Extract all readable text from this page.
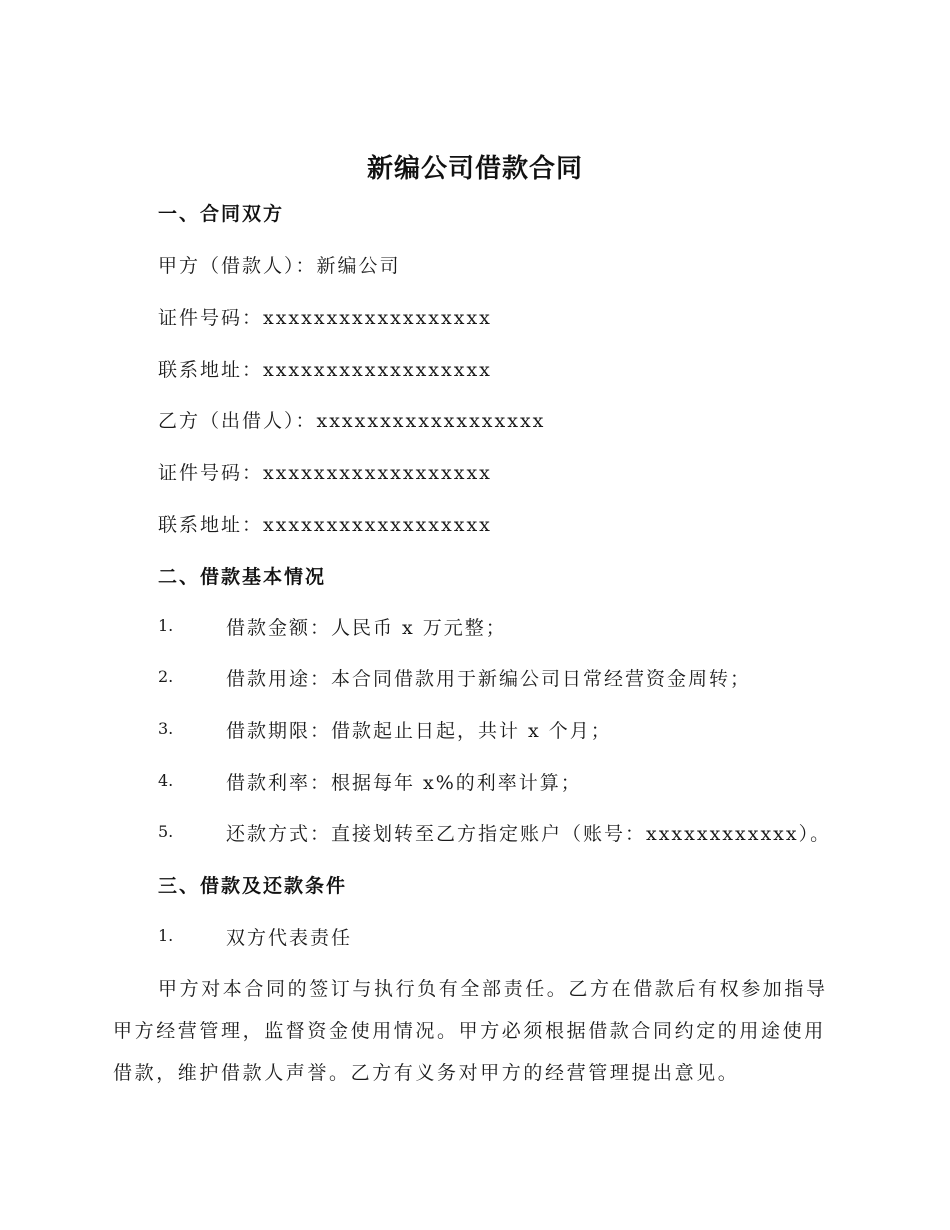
新编公司借款合同
一、合同双方
甲方（借款人）：新编公司
证件号码：xxxxxxxxxxxxxxxxxx
联系地址：xxxxxxxxxxxxxxxxxx
乙方（出借人）：xxxxxxxxxxxxxxxxxx
证件号码：xxxxxxxxxxxxxxxxxx
联系地址：xxxxxxxxxxxxxxxxxx
二、借款基本情况
1.	借款金额：人民币 x 万元整；
2.	借款用途：本合同借款用于新编公司日常经营资金周转；
3.	借款期限：借款起止日起，共计 x 个月；
4.	借款利率：根据每年 x%的利率计算；
5.	还款方式：直接划转至乙方指定账户（账号：xxxxxxxxxxxx）。
三、借款及还款条件
1.	双方代表责任
甲方对本合同的签订与执行负有全部责任。乙方在借款后有权参加指导
甲方经营管理，监督资金使用情况。甲方必须根据借款合同约定的用途使用
借款，维护借款人声誉。乙方有义务对甲方的经营管理提出意见。
